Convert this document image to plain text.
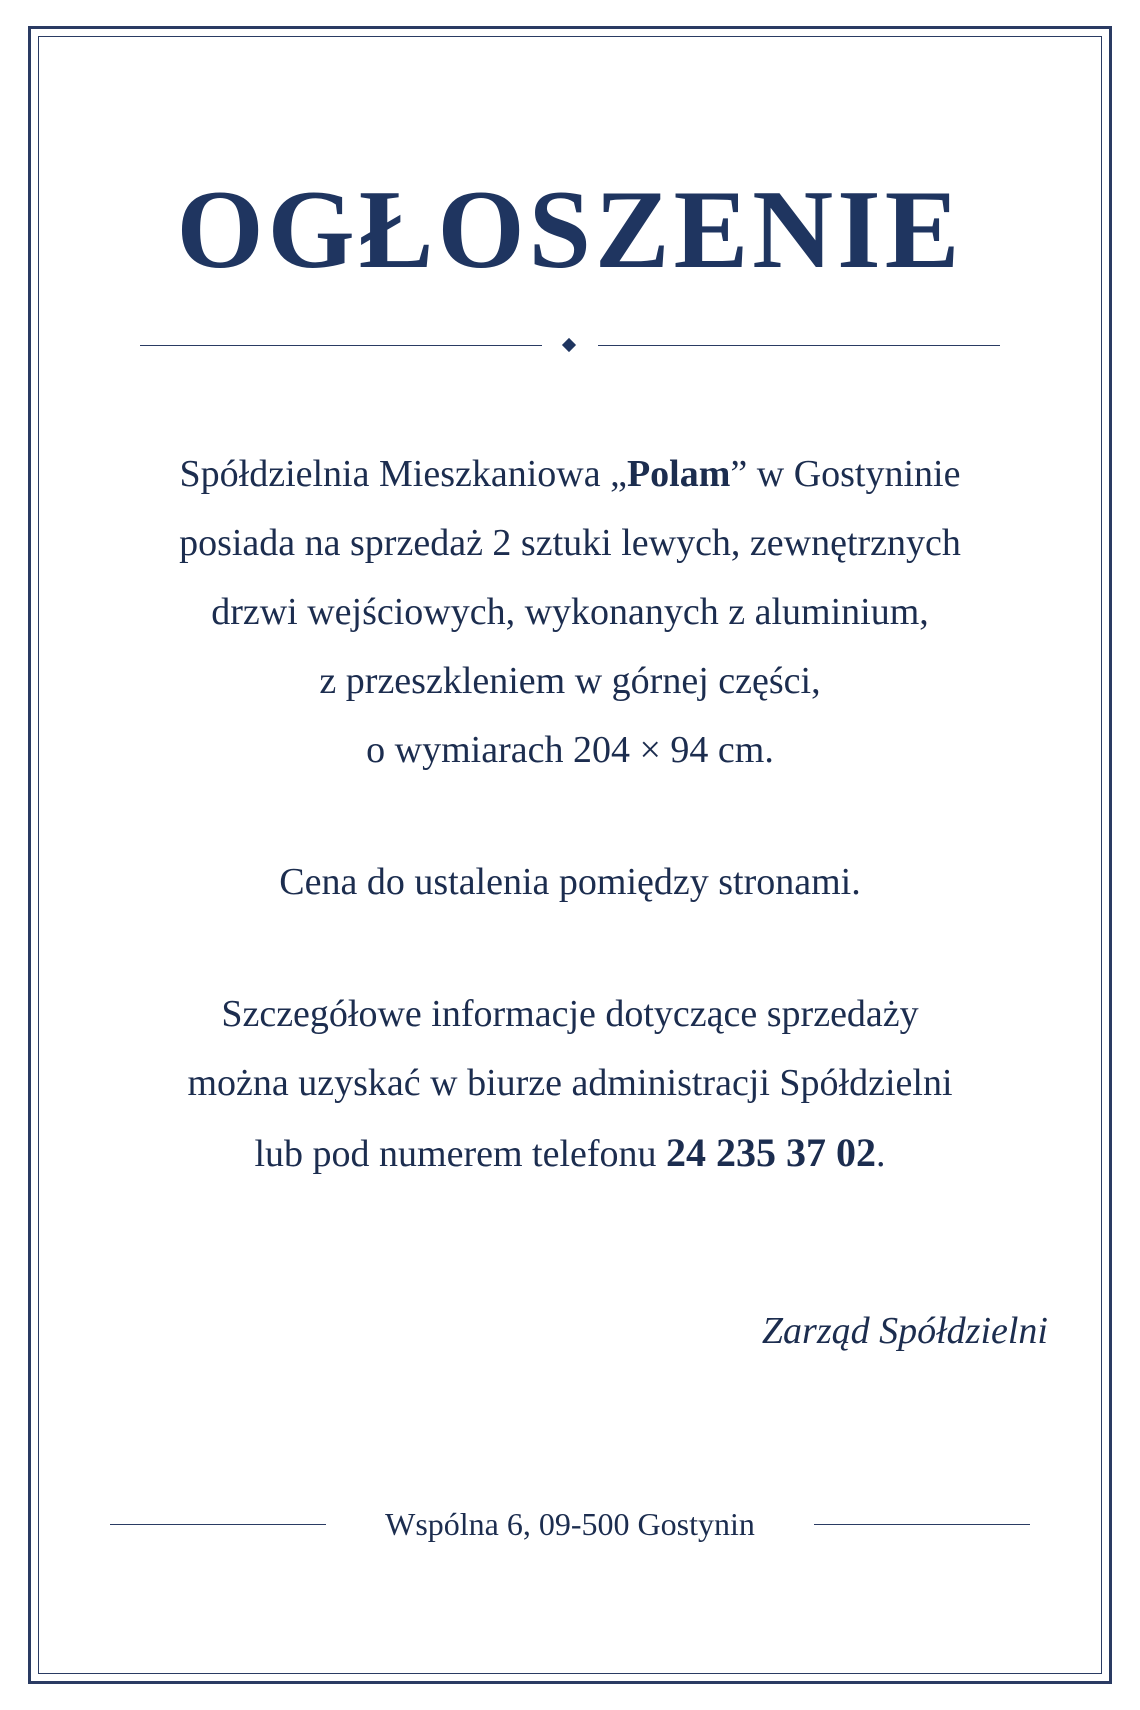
OGŁOSZENIE
Spółdzielnia Mieszkaniowa „Polam” w Gostyninie
posiada na sprzedaż 2 sztuki lewych, zewnętrznych
drzwi wejściowych, wykonanych z aluminium,
z przeszkleniem w górnej części,
o wymiarach 204 × 94 cm.
Cena do ustalenia pomiędzy stronami.
Szczegółowe informacje dotyczące sprzedaży
można uzyskać w biurze administracji Spółdzielni
lub pod numerem telefonu 24 235 37 02.
Zarząd Spółdzielni
Wspólna 6, 09-500 Gostynin
